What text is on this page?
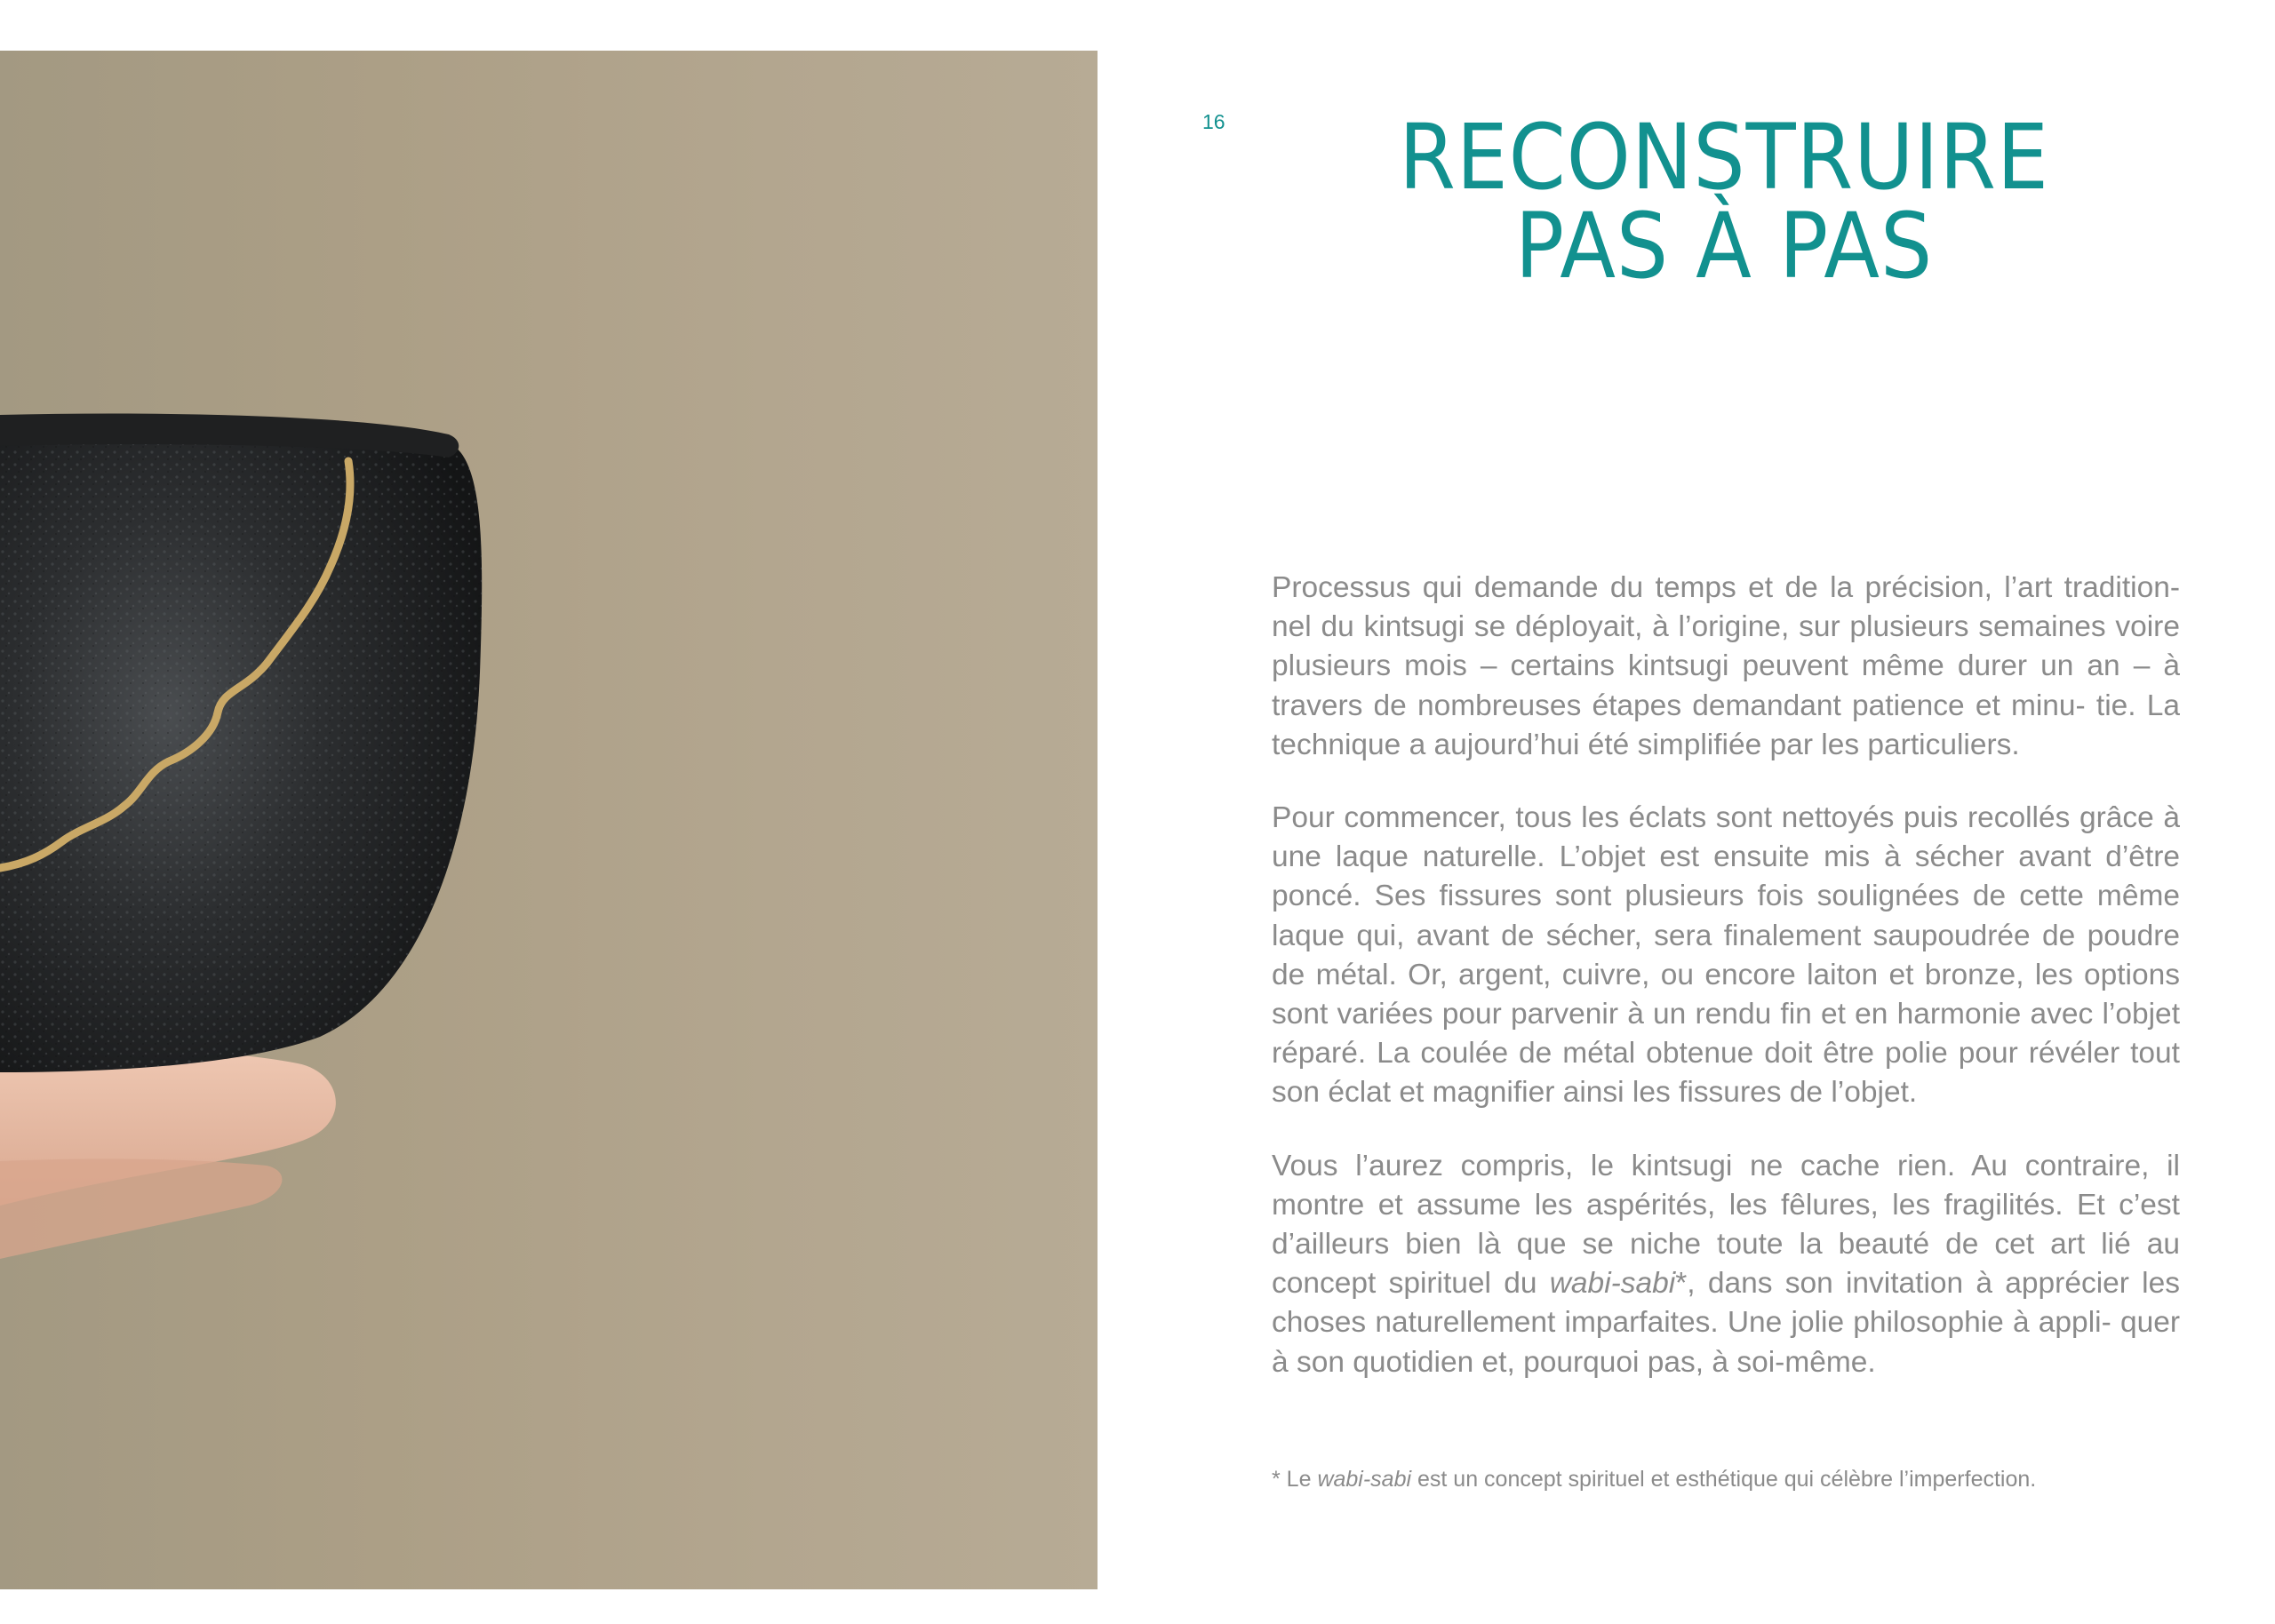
16	RECONSTRUIRE
PAS À PAS

Processus qui demande du temps et de la précision, l’art tradition- nel du kintsugi se déployait, à l’origine, sur plusieurs semaines voire plusieurs mois – certains kintsugi peuvent même durer un an – à travers de nombreuses étapes demandant patience et minu- tie. La technique a aujourd’hui été simplifiée par les particuliers.

Pour commencer, tous les éclats sont nettoyés puis recollés grâce à une laque naturelle. L’objet est ensuite mis à sécher avant d’être poncé. Ses fissures sont plusieurs fois soulignées de cette même laque qui, avant de sécher, sera finalement saupoudrée de poudre de métal. Or, argent, cuivre, ou encore laiton et bronze, les options sont variées pour parvenir à un rendu fin et en harmonie avec l’objet réparé. La coulée de métal obtenue doit être polie pour révéler tout son éclat et magnifier ainsi les fissures de l’objet.

Vous l’aurez compris, le kintsugi ne cache rien. Au contraire, il montre et assume les aspérités, les fêlures, les fragilités. Et c’est d’ailleurs bien là que se niche toute la beauté de cet art lié au concept spirituel du wabi-sabi*, dans son invitation à apprécier les choses naturellement imparfaites. Une jolie philosophie à appli- quer à son quotidien et, pourquoi pas, à soi-même.

* Le wabi-sabi est un concept spirituel et esthétique qui célèbre l’imperfection.
